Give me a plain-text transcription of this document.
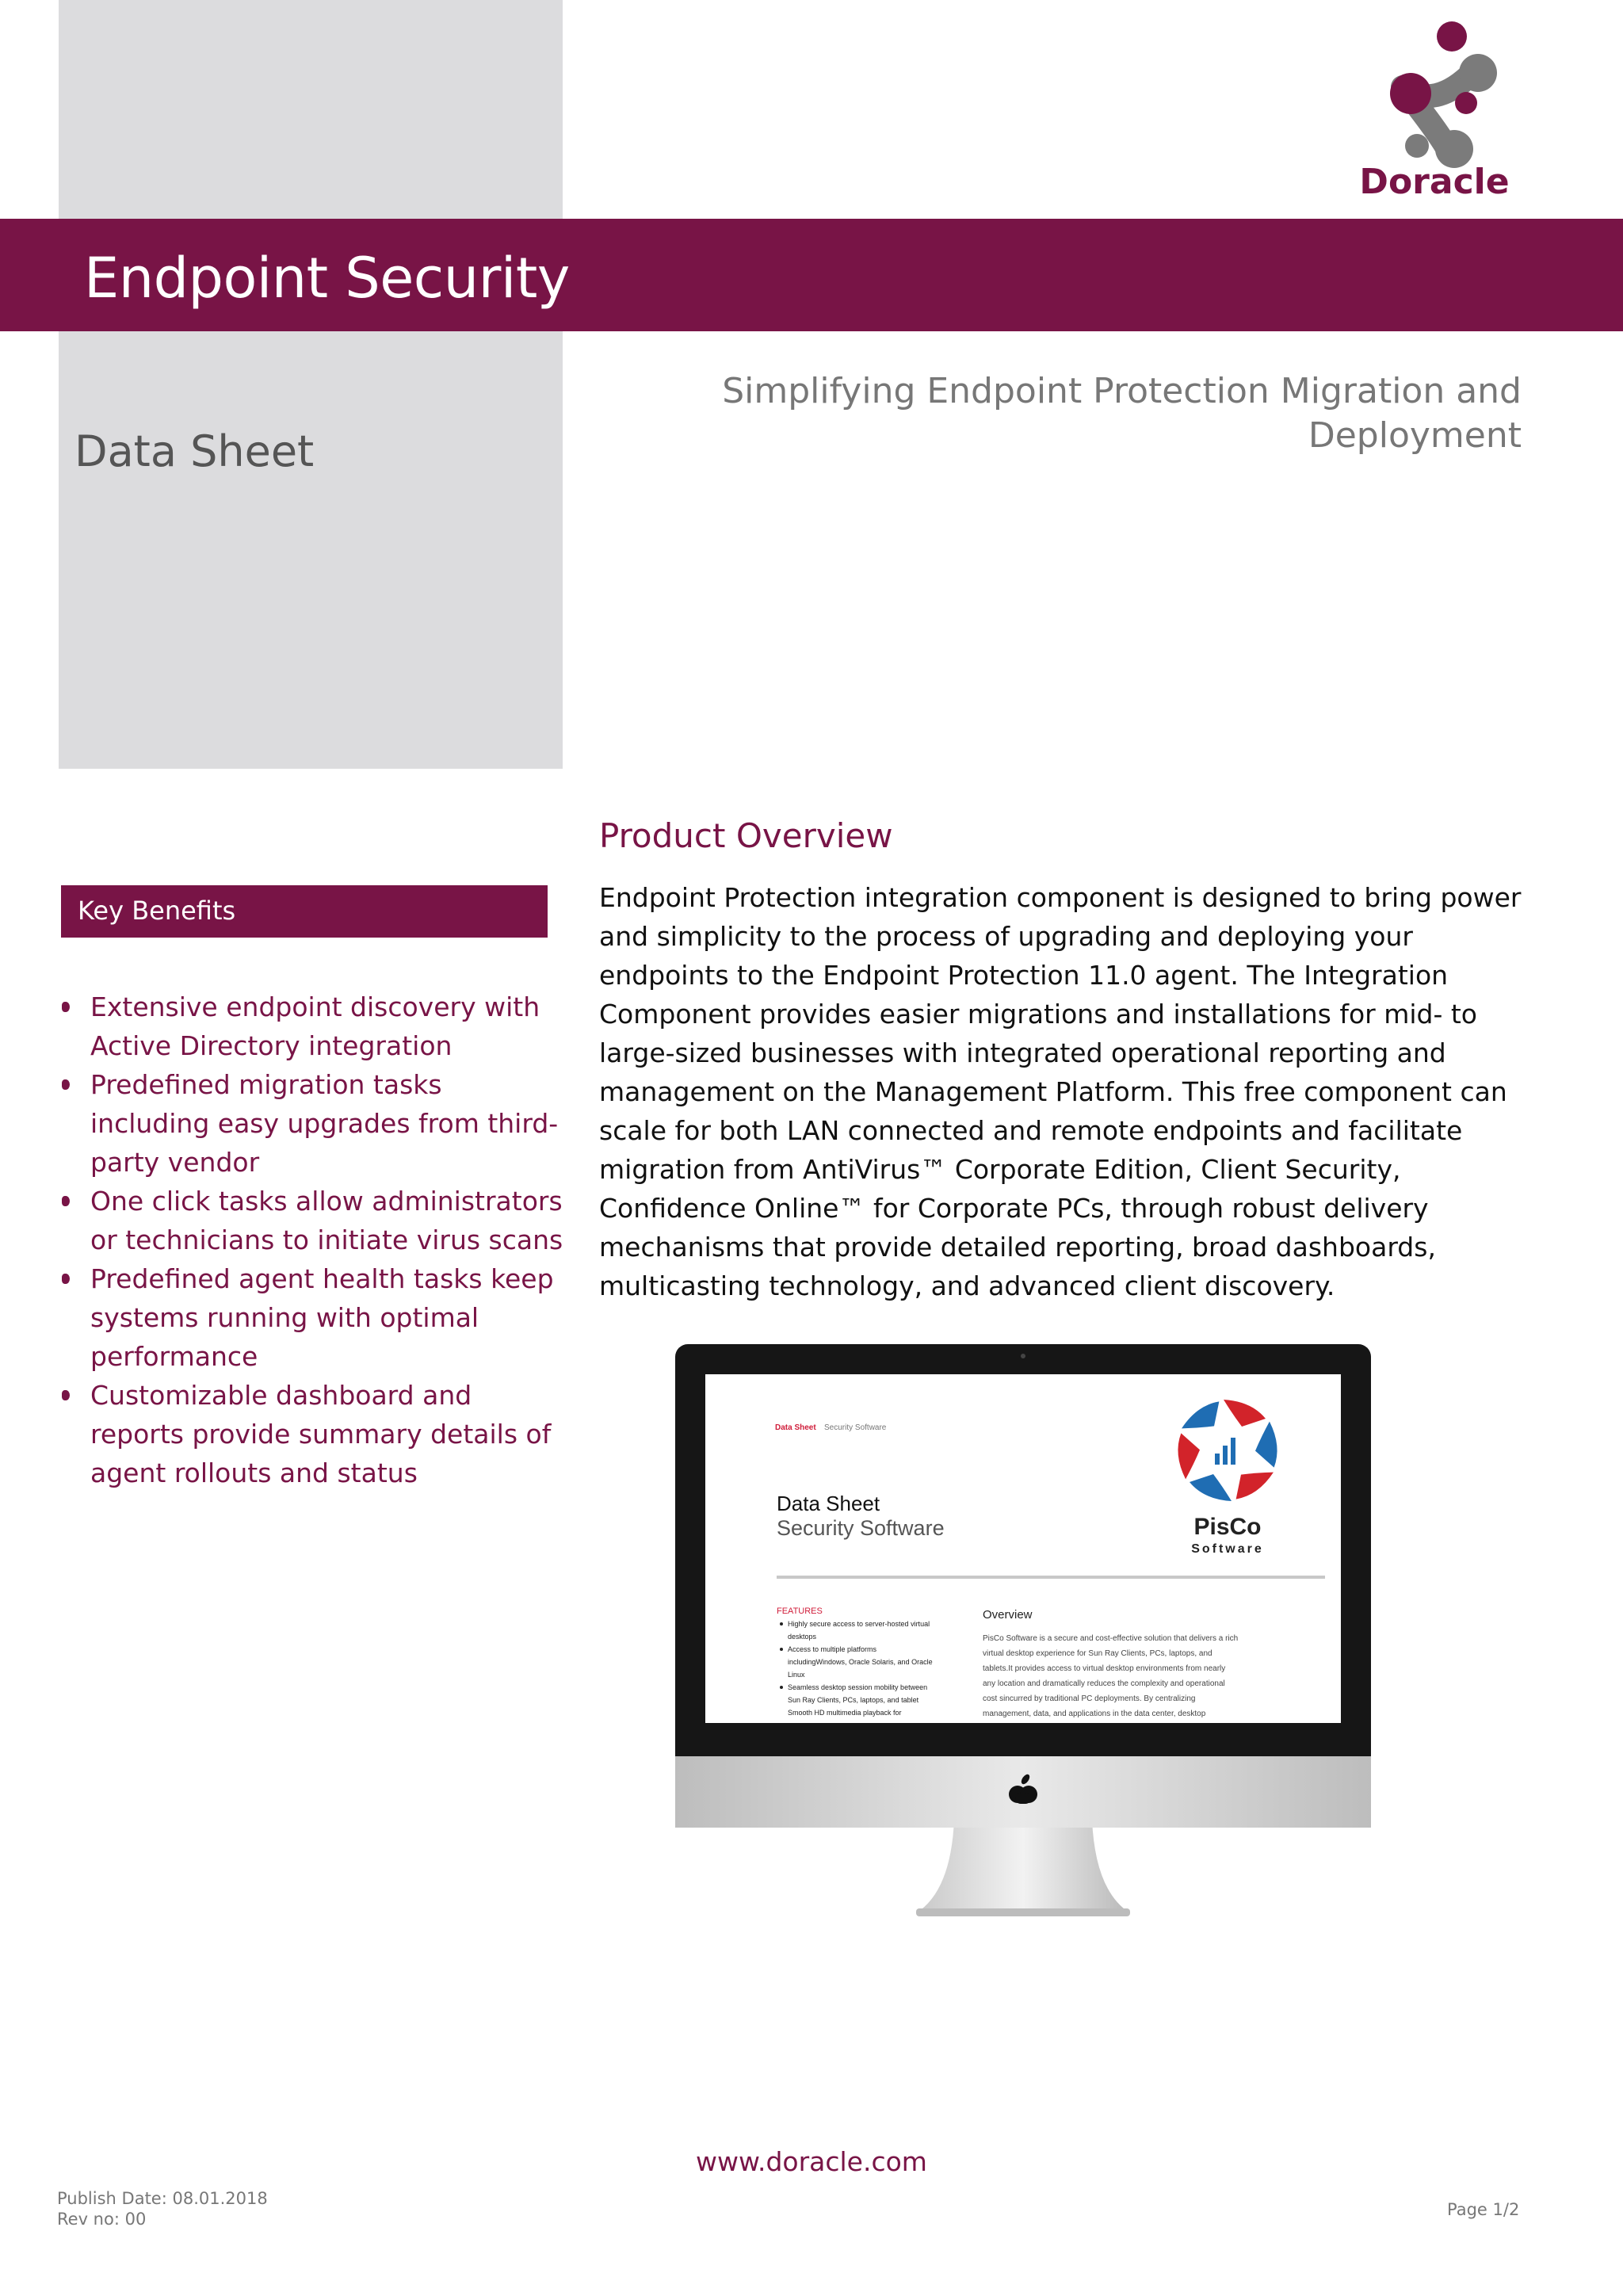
Endpoint Security
Doracle
Data Sheet
Simplifying Endpoint Protection Migration and Deployment
Product Overview
Endpoint Protection integration component is designed to bring power and simplicity to the process of upgrading and deploying your endpoints to the Endpoint Protection 11.0 agent. The Integration Component provides easier migrations and installations for mid- to large-sized businesses with integrated operational reporting and management on the Management Platform. This free component can scale for both LAN connected and remote endpoints and facilitate migration from AntiVirus™ Corporate Edition, Client Security, Confidence Online™ for Corporate PCs, through robust delivery mechanisms that provide detailed reporting, broad dashboards, multicasting technology, and advanced client discovery.
Key Benefits
Extensive endpoint discovery with Active Directory integration
Predefined migration tasks including easy upgrades from third-party vendor
One click tasks allow administrators or technicians to initiate virus scans
Predefined agent health tasks keep systems running with optimal performance
Customizable dashboard and reports provide summary details of agent rollouts and status
Data Sheet Security Software
Data Sheet
Security Software	PisCo
Software
FEATURES
Highly secure access to server-hosted virtual
desktops
Access to multiple platforms
includingWindows, Oracle Solaris, and Oracle
Linux
Seamless desktop session mobility between
Sun Ray Clients, PCs, laptops, and tablet
Smooth HD multimedia playback for
Overview
PisCo Software is a secure and cost-effective solution that delivers a rich
virtual desktop experience for Sun Ray Clients, PCs, laptops, and
tablets.It provides access to virtual desktop environments from nearly
any location and dramatically reduces the complexity and operational
cost sincurred by traditional PC deployments. By centralizing
management, data, and applications in the data center, desktop
www.doracle.com
Publish Date: 08.01.2018
Rev no: 00	Page 1/2
